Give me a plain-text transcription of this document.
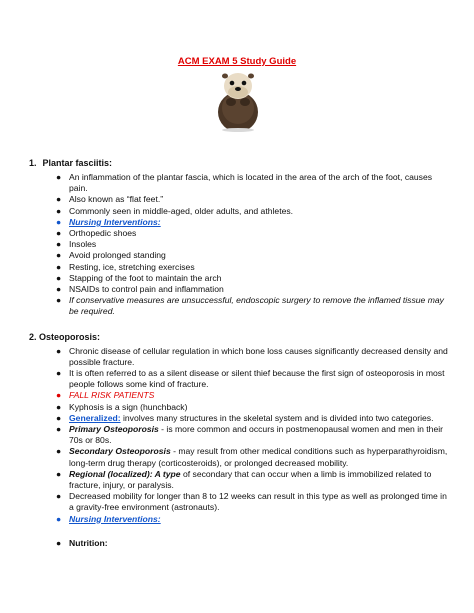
ACM EXAM 5 Study Guide
1. Plantar fasciitis:
● An inflammation of the plantar fascia, which is located in the area of the arch of the foot, causes pain.
● Also known as “flat feet.”
● Commonly seen in middle-aged, older adults, and athletes.
● Nursing Interventions:
● Orthopedic shoes
● Insoles
● Avoid prolonged standing
● Resting, ice, stretching exercises
● Stapping of the foot to maintain the arch
● NSAIDs to control pain and inflammation
● If conservative measures are unsuccessful, endoscopic surgery to remove the inflamed tissue may be required.
2. Osteoporosis:
● Chronic disease of cellular regulation in which bone loss causes significantly decreased density and possible fracture.
● It is often referred to as a silent disease or silent thief because the first sign of osteoporosis in most people follows some kind of fracture.
● FALL RISK PATIENTS
● Kyphosis is a sign (hunchback)
● Generalized: involves many structures in the skeletal system and is divided into two categories.
● Primary Osteoporosis - is more common and occurs in postmenopausal women and men in their 70s or 80s.
● Secondary Osteoporosis - may result from other medical conditions such as hyperparathyroidism, long-term drug therapy (corticosteroids), or prolonged decreased mobility.
● Regional (localized): A type of secondary that can occur when a limb is immobilized related to fracture, injury, or paralysis.
● Decreased mobility for longer than 8 to 12 weeks can result in this type as well as prolonged time in a gravity-free environment (astronauts).
● Nursing Interventions:
● Nutrition:
